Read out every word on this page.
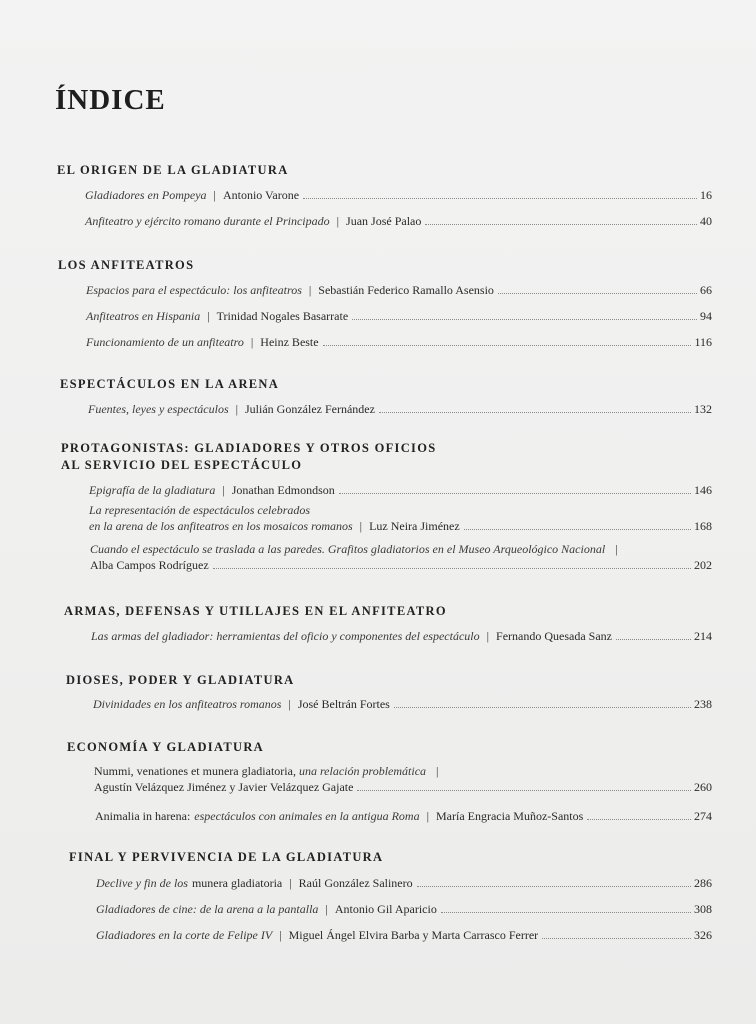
ÍNDICE
EL ORIGEN DE LA GLADIATURA
Gladiadores en Pompeya | Antonio Varone	16
Anfiteatro y ejército romano durante el Principado | Juan José Palao	40
LOS ANFITEATROS
Espacios para el espectáculo: los anfiteatros | Sebastián Federico Ramallo Asensio	66
Anfiteatros en Hispania | Trinidad Nogales Basarrate	94
Funcionamiento de un anfiteatro | Heinz Beste	116
ESPECTÁCULOS EN LA ARENA
Fuentes, leyes y espectáculos | Julián González Fernández	132
PROTAGONISTAS: GLADIADORES Y OTROS OFICIOS
AL SERVICIO DEL ESPECTÁCULO
Epigrafía de la gladiatura | Jonathan Edmondson	146
La representación de espectáculos celebrados
en la arena de los anfiteatros en los mosaicos romanos | Luz Neira Jiménez	168
Cuando el espectáculo se traslada a las paredes. Grafitos gladiatorios en el Museo Arqueológico Nacional |
Alba Campos Rodríguez	202
ARMAS, DEFENSAS Y UTILLAJES EN EL ANFITEATRO
Las armas del gladiador: herramientas del oficio y componentes del espectáculo | Fernando Quesada Sanz	214
DIOSES, PODER Y GLADIATURA
Divinidades en los anfiteatros romanos | José Beltrán Fortes	238
ECONOMÍA Y GLADIATURA
Nummi, venationes et munera gladiatoria, una relación problemática |
Agustín Velázquez Jiménez y Javier Velázquez Gajate	260
Animalia in harena: espectáculos con animales en la antigua Roma | María Engracia Muñoz-Santos	274
FINAL Y PERVIVENCIA DE LA GLADIATURA
Declive y fin de los munera gladiatoria | Raúl González Salinero	286
Gladiadores de cine: de la arena a la pantalla | Antonio Gil Aparicio	308
Gladiadores en la corte de Felipe IV | Miguel Ángel Elvira Barba y Marta Carrasco Ferrer	326
